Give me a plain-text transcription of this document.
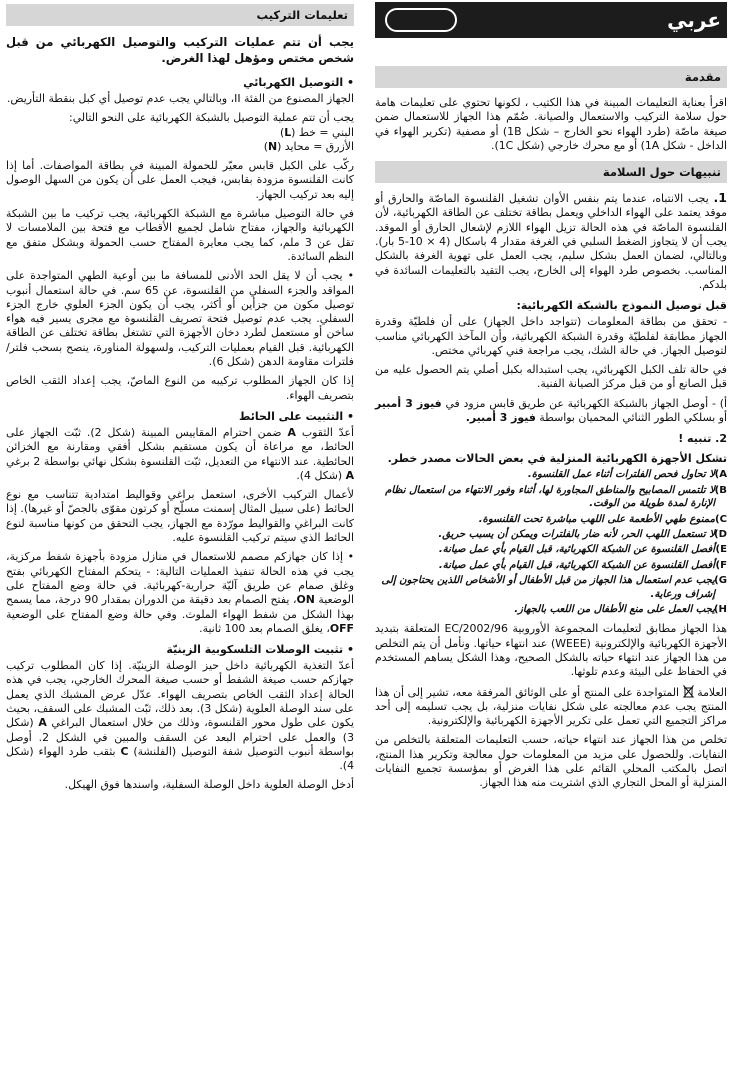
عربي
مقدمة

اقرأ بعناية التعليمات المبينة في هذا الكتيب ، لكونها تحتوي على تعليمات هامة حول سلامة التركيب والاستعمال والصيانة. ضُمّم هذا الجهاز للاستعمال ضمن صيغة ماصّة (طرد الهواء نحو الخارج – شكل 1B) أو مصفية (تكرير الهواء في الداخل - شكل 1A) أو مع محرك خارجي (شكل 1C).

تنبيهات حول السلامة

1. يجب الانتباه، عندما يتم بنفس الأوان تشغيل القلنسوة الماصّة والحارق أو موقد يعتمد على الهواء الداخلي ويعمل بطاقة تختلف عن الطاقة الكهربائية، لأن القلنسوة الماصّة في هذه الحالة تزيل الهواء اللازم لإشعال الحارق أو الموقد. يجب أن لا يتجاوز الضغط السلبي في الغرفة مقدار 4 باسكال (4 × 10-5 بار). وبالتالي، لضمان العمل بشكل سليم، يجب العمل على تهوية الغرفة بالشكل المناسب. بخصوص طرد الهواء إلى الخارج، يجب التقيد بالتعليمات السائدة في بلدكم.

قبل توصيل النموذج بالشبكة الكهربائية:

- تحقق من بطاقة المعلومات (تتواجد داخل الجهاز) على أن فلطيّة وقدرة الجهاز مطابقة لفلطيّة وقدرة الشبكة الكهربائية، وأن المآخذ الكهربائي مناسب لتوصيل الجهاز. في حالة الشك، يجب مراجعة فني كهربائي مختص.

في حالة تلف الكبل الكهربائي، يجب استبداله بكبل أصلي يتم الحصول عليه من قبل الصانع أو من قبل مركز الصيانة الفنية.

أ) - أوصل الجهاز بالشبكة الكهربائية عن طريق قابس مزود في فيوز 3 أمبير أو بسلكي الطور الثنائي المحميان بواسطة فيوز 3 أمبير.

2. تنبيه !
تشكل الأجهزة الكهربائية المنزلية في بعض الحالات مصدر خطر.
A)
لا تحاول فحص الفلترات أثناء عمل القلنسوة.
B)
لا تلتمس المصابيح والمناطق المجاورة لها، أثناء وفور الانتهاء من استعمال نظام الإنارة لمدة طويلة من الوقت.
C)
ممنوع طهي الأطعمة على اللهب مباشرة تحت القلنسوة.
D)
لا تستعمل اللهب الحر، لأنه ضار بالفلترات ويمكن أن يسبب حريق.
E)
أفصل القلنسوة عن الشبكة الكهربائية، قبل القيام بأي عمل صيانة.
F)
أفصل القلنسوة عن الشبكة الكهربائية، قبل القيام بأي عمل صيانة.
G)
يجب عدم استعمال هذا الجهاز من قبل الأطفال أو الأشخاص اللذين يحتاجون إلى إشراف ورعاية.
H)
يجب العمل على منع الأطفال من اللعب بالجهاز.

هذا الجهاز مطابق لتعليمات المجموعة الأوروبية 2002/96/EC المتعلقة بتبديد الأجهزة الكهربائية والإلكترونية (WEEE) عند انتهاء حياتها. ونأمل أن يتم التخلص من هذا الجهاز عند انتهاء حياته بالشكل الصحيح، وهذا الشكل يساهم المستخدم في الحفاظ على البيئة وعدم تلوثها.

العلامة  المتواجدة على المنتج أو على الوثائق المرفقة معه، تشير إلى أن هذا المنتج يجب عدم معالجته على شكل نفايات منزلية، بل يجب تسليمه إلى أحد مراكز التجميع التي تعمل على تكرير الأجهزة الكهربائية والإلكترونية.

تخلص من هذا الجهاز عند انتهاء حياته، حسب التعليمات المتعلقة بالتخلص من النفايات. وللحصول على مزيد من المعلومات حول معالجة وتكرير هذا المنتج، اتصل بالمكتب المحلي القائم على هذا الغرض أو بمؤسسة تجميع النفايات المنزلية أو المحل التجاري الذي اشتريت منه هذا الجهاز.

تعليمات التركيب

يجب أن تتم عمليات التركيب والتوصيل الكهربائي من قبل شخص مختص ومؤهل لهذا الغرض.

• التوصيل الكهربائي

الجهاز المصنوع من الفئة II، وبالتالي يجب عدم توصيل أي كبل بنقطة التأريض.

يجب أن تتم عملية التوصيل بالشبكة الكهربائية على النحو التالي:
البني = خط (L)
الأزرق = محايد (N)

ركّب على الكبل قابس معيّر للحمولة المبينة في بطاقة المواصفات. أما إذا كانت القلنسوة مزودة بقابس، فيجب العمل على أن يكون من السهل الوصول إليه بعد تركيب الجهاز.

في حالة التوصيل مباشرة مع الشبكة الكهربائية، يجب تركيب ما بين الشبكة الكهربائية والجهاز، مفتاح شامل لجميع الأقطاب مع فتحة بين الملامسات لا تقل عن 3 ملم، كما يجب معايرة المفتاح حسب الحمولة وبشكل متفق مع النظم السائدة.

• يجب أن لا يقل الحد الأدنى للمسافة ما بين أوعية الطهي المتواجدة على المواقد والجزء السفلي من القلنسوة، عن 65 سم. في حالة استعمال أنبوب توصيل مكون من جزأين أو أكثر، يجب أن يكون الجزء العلوي خارج الجزء السفلي. يجب عدم توصيل فتحة تصريف القلنسوة مع مجرى يسير فيه هواء ساخن أو مستعمل لطرد دخان الأجهزة التي تشتغل بطاقة تختلف عن الطاقة الكهربائية. قبل القيام بعمليات التركيب، ولسهولة المناورة، ينصح بسحب فلتر/فلترات مقاومة الدهن (شكل 6).

إذا كان الجهاز المطلوب تركيبه من النوع الماصّ، يجب إعداد الثقب الخاص بتصريف الهواء.

• التثبيت على الحائط

أعدّ الثقوب A ضمن احترام المقاييس المبينة (شكل 2). ثبّت الجهاز على الحائط، مع مراعاة أن يكون مستقيم بشكل أفقي ومقارنة مع الخزائن الحائطية. عند الانتهاء من التعديل، ثبّت القلنسوة بشكل نهائي بواسطة 2 برغي A (شكل 4).

لأعمال التركيب الأخرى، استعمل براغي وقواليط امتدادية تتناسب مع نوع الحائط (على سبيل المثال إسمنت مسلّح أو كرتون مقوّى بالجصّ أو غيرها). إذا كانت البراغي والقواليط مورّدة مع الجهاز، يجب التحقق من كونها مناسبة لنوع الحائط الذي سيتم تركيب القلنسوة عليه.

• إذا كان جهازكم مصمم للاستعمال في منازل مزودة بأجهزة شفط مركزية، يجب في هذه الحالة تنفيذ العمليات التالية: - يتحكم المفتاح الكهربائي بفتح وغلق صمام عن طريق آليّة حرارية-كهربائية. في حالة وضع المفتاح على الوضعية ON، يفتح الصمام بعد دقيقة من الدوران بمقدار 90 درجة، مما يسمح بهذا الشكل من شفط الهواء الملوث. وفي حالة وضع المفتاح على الوضعية OFF، يغلق الصمام بعد 100 ثانية.

• تثبيت الوصلات التلسكوبية الزينيّة

أعدّ التغذية الكهربائية داخل حيز الوصلة الزينيّة. إذا كان المطلوب تركيب جهازكم حسب صيغة الشفط أو حسب صيغة المحرك الخارجي، يجب في هذه الحالة إعداد الثقب الخاص بتصريف الهواء. عدّل عرض المشبك الذي يعمل على سند الوصلة العلوية (شكل 3). بعد ذلك، ثبّت المشبك على السقف، بحيث يكون على طول محور القلنسوة، وذلك من خلال استعمال البراغي A (شكل 3) والعمل على احترام البعد عن السقف والمبين في الشكل 2. أوصل بواسطة أنبوب التوصيل شفة التوصيل (الفلنشة) C بثقب طرد الهواء (شكل 4).

أدخل الوصلة العلوية داخل الوصلة السفلية، واسندها فوق الهيكل.
